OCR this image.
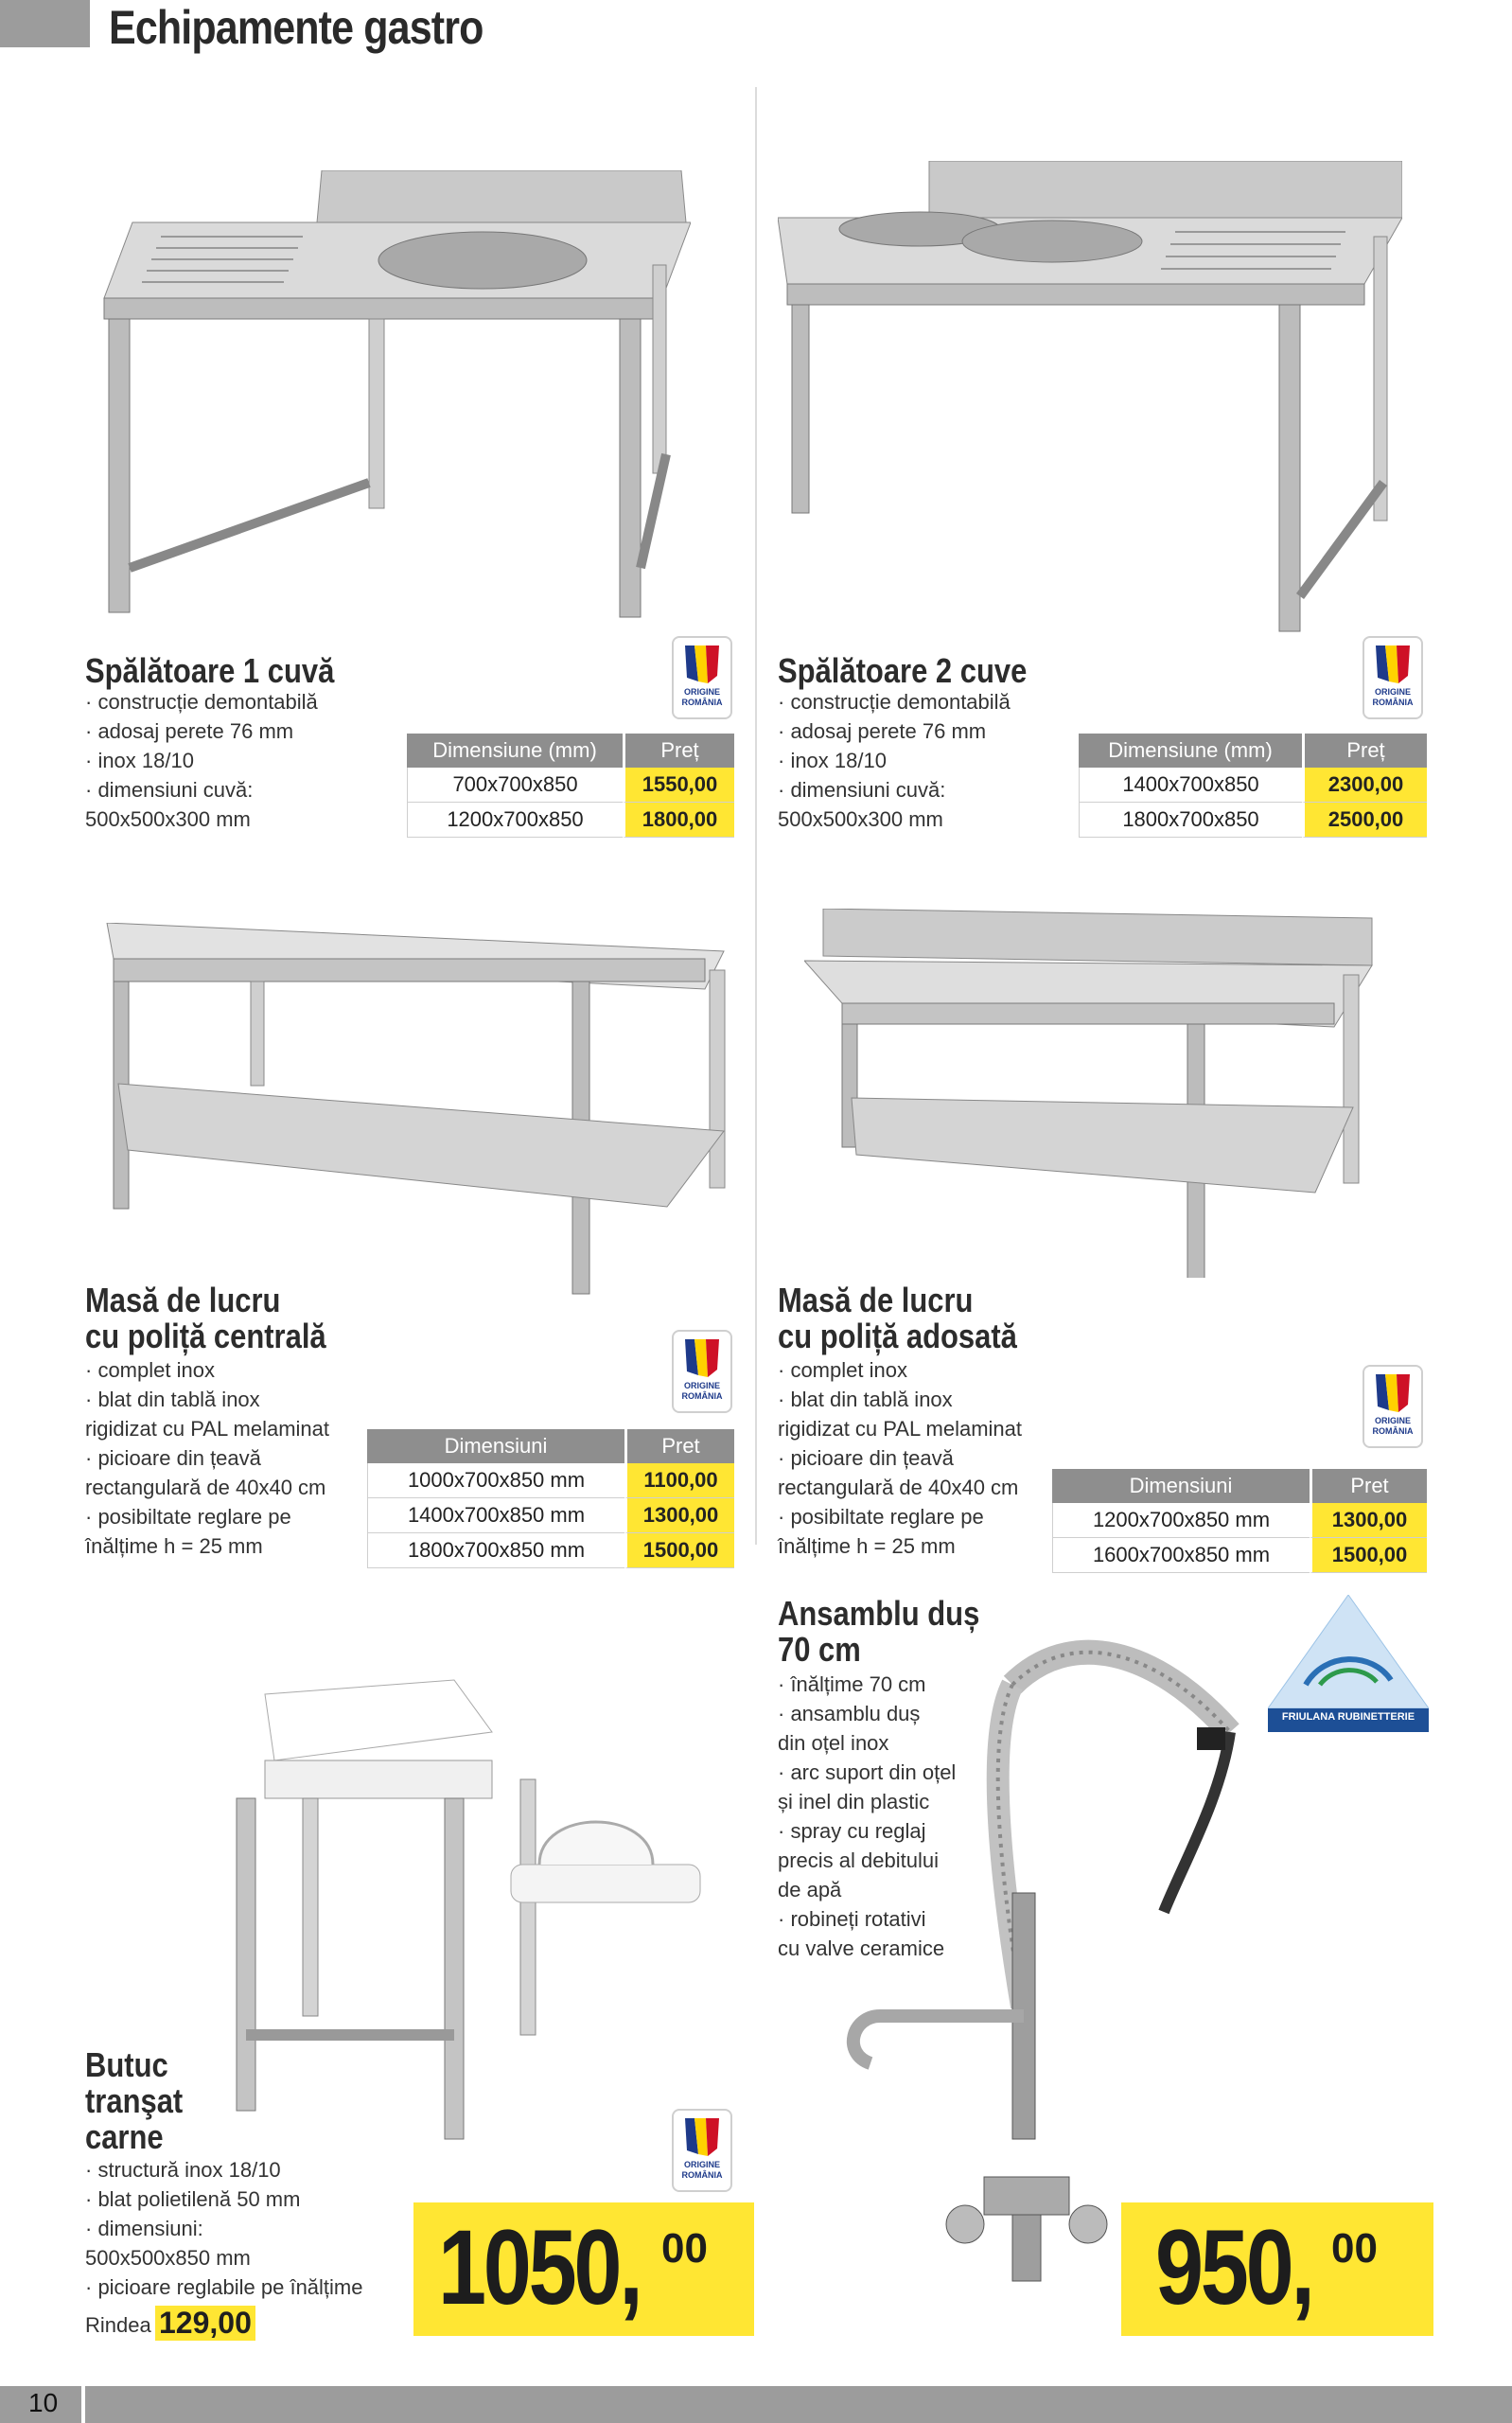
Echipamente gastro
Spălătoare 1 cuvă
· construcție demontabilă
· adosaj perete 76 mm
· inox 18/10
· dimensiuni cuvă:
500x500x300 mm
ORIGINE
ROMÂNIA
Dimensiune (mm)	Preț
700x700x850	1550,00
1200x700x850	1800,00
Spălătoare 2 cuve
· construcție demontabilă
· adosaj perete 76 mm
· inox 18/10
· dimensiuni cuvă:
500x500x300 mm
ORIGINE
ROMÂNIA
Dimensiune (mm)	Preț
1400x700x850	2300,00
1800x700x850	2500,00
Masă de lucru
cu poliță centrală
· complet inox
· blat din tablă inox
rigidizat cu PAL melaminat
· picioare din țeavă
rectangulară de 40x40 cm
· posibiltate reglare pe
înălțime h = 25 mm
ORIGINE
ROMÂNIA
Dimensiuni	Pret
1000x700x850 mm	1100,00
1400x700x850 mm	1300,00
1800x700x850 mm	1500,00
Masă de lucru
cu poliță adosată
· complet inox
· blat din tablă inox
rigidizat cu PAL melaminat
· picioare din țeavă
rectangulară de 40x40 cm
· posibiltate reglare pe
înălțime h = 25 mm
ORIGINE
ROMÂNIA
Dimensiuni	Pret
1200x700x850 mm	1300,00
1600x700x850 mm	1500,00
Ansamblu duș
70 cm
· înălțime 70 cm
· ansamblu duș
din oțel inox
· arc suport din oțel
și inel din plastic
· spray cu reglaj
precis al debitului
de apă
· robineți rotativi
cu valve ceramice
FRIULANA RUBINETTERIE
950, 00
Butuc
tranşat
carne
· structură inox 18/10
· blat polietilenă 50 mm
· dimensiuni:
500x500x850 mm
· picioare reglabile pe înălțime
Rindea 129,00
ORIGINE
ROMÂNIA
1050, 00
10
